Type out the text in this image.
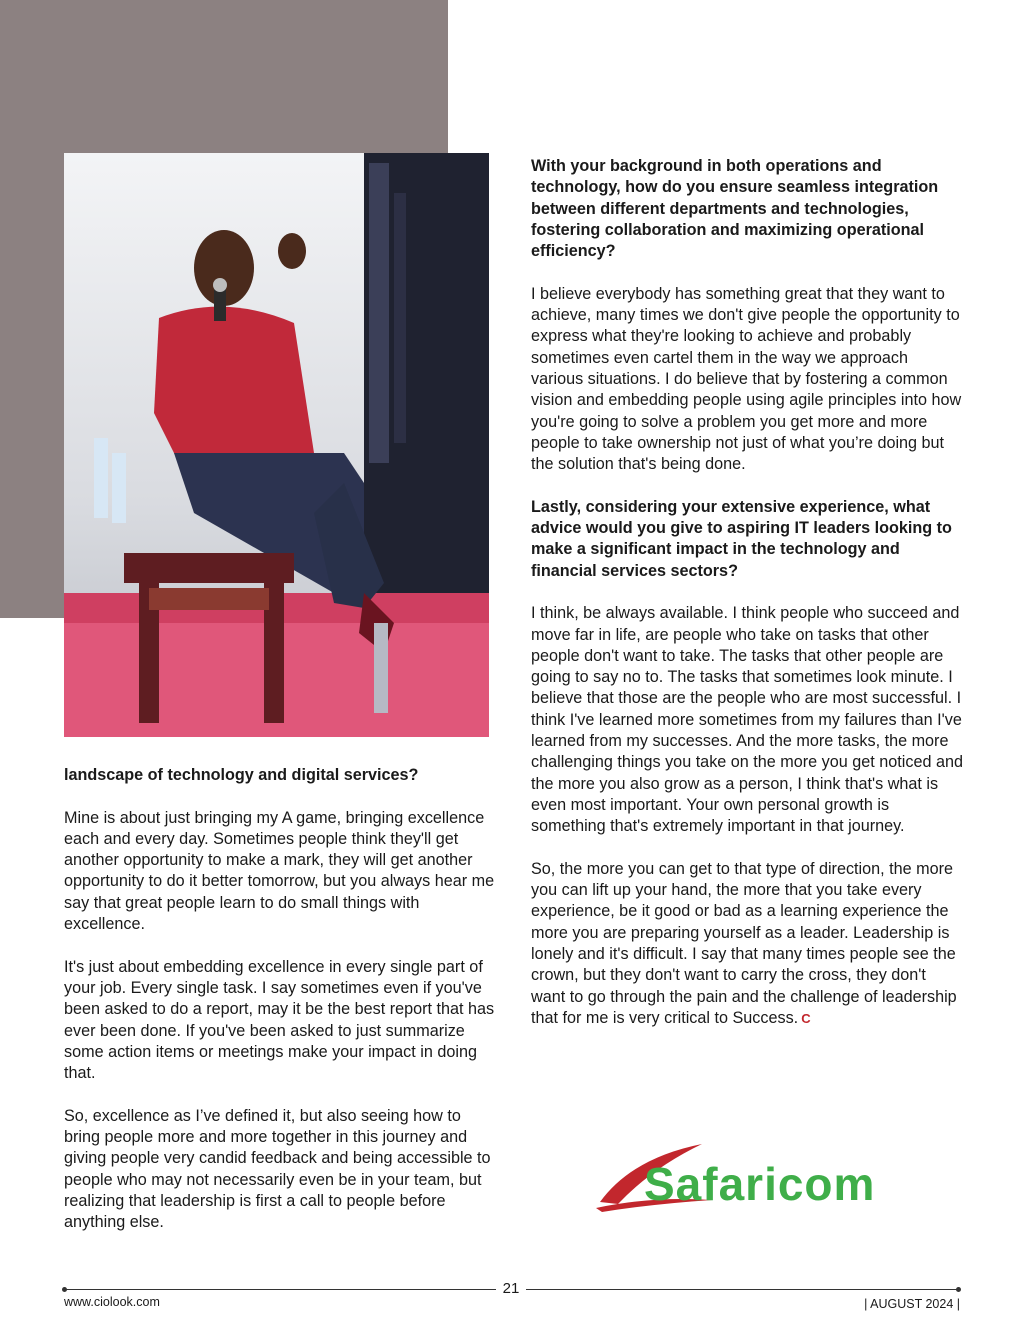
landscape of technology and digital services?

Mine is about just bringing my A game, bringing excellence each and every day. Sometimes people think they'll get another opportunity to make a mark, they will get another opportunity to do it better tomorrow, but you always hear me say that great people learn to do small things with excellence.

It's just about embedding excellence in every single part of your job. Every single task. I say sometimes even if you've been asked to do a report, may it be the best report that has ever been done. If you've been asked to just summarize some action items or meetings make your impact in doing that.

So, excellence as I’ve defined it, but also seeing how to bring people more and more together in this journey and giving people very candid feedback and being accessible to people who may not necessarily even be in your team, but realizing that leadership is first a call to people before anything else.

With your background in both operations and technology, how do you ensure seamless integration between different departments and technologies, fostering collaboration and maximizing operational efficiency?

I believe everybody has something great that they want to achieve, many times we don't give people the opportunity to express what they're looking to achieve and probably sometimes even cartel them in the way we approach various situations. I do believe that by fostering a common vision and embedding people using agile principles into how you're going to solve a problem you get more and more people to take ownership not just of what you’re doing but the solution that's being done.

Lastly, considering your extensive experience, what advice would you give to aspiring IT leaders looking to make a significant impact in the technology and financial services sectors?

I think, be always available. I think people who succeed and move far in life, are people who take on tasks that other people don't want to take. The tasks that other people are going to say no to. The tasks that sometimes look minute. I believe that those are the people who are most successful. I think I've learned more sometimes from my failures than I've learned from my successes. And the more tasks, the more challenging things you take on the more you get noticed and the more you also grow as a person, I think that's what is even most important. Your own personal growth is something that's extremely important in that journey.

So, the more you can get to that type of direction, the more you can lift up your hand, the more that you take every experience, be it good or bad as a learning experience the more you are preparing yourself as a leader. Leadership is lonely and it's difficult. I say that many times people see the crown, but they don't want to carry the cross, they don't want to go through the pain and the challenge of leadership that for me is very critical to Success. C

Safaricom
21
www.ciolook.com	| AUGUST 2024 |
